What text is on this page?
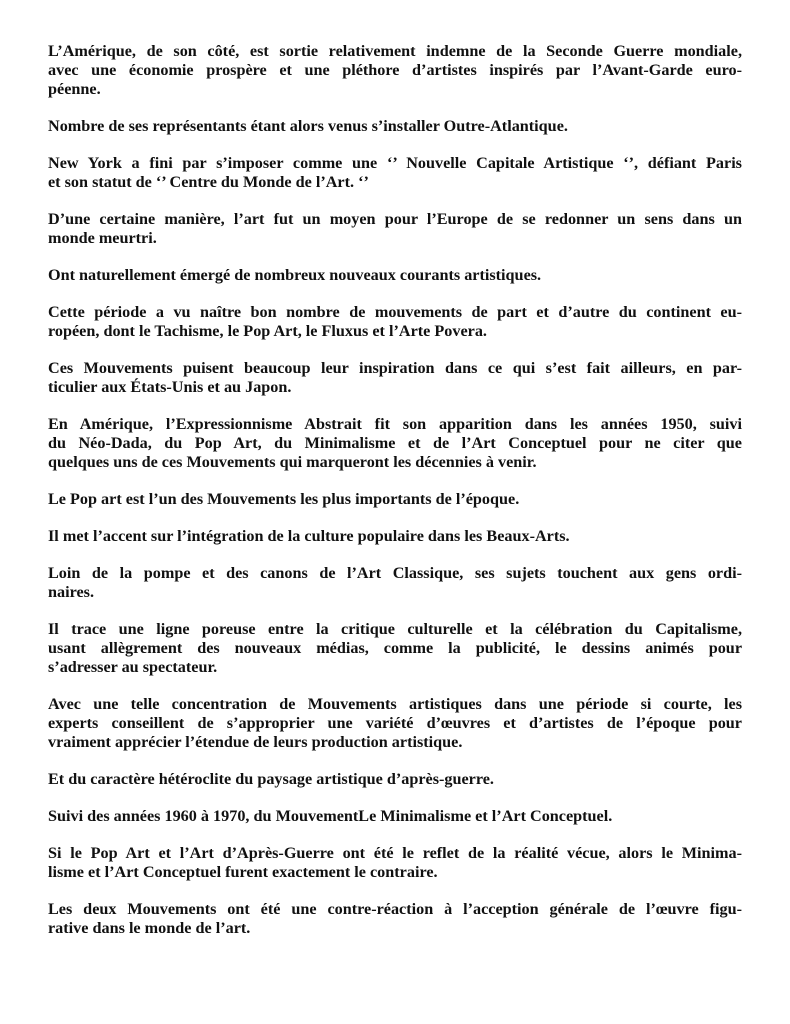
L’Amérique, de son côté, est sortie relativement indemne de la Seconde Guerre mondiale,
avec une économie prospère et une pléthore d’artistes inspirés par l’Avant-Garde euro-
péenne.
Nombre de ses représentants étant alors venus s’installer Outre-Atlantique.
New York a fini par s’imposer comme une ‘’ Nouvelle Capitale Artistique ‘’, défiant Paris
et son statut de ‘’ Centre du Monde de l’Art. ‘’
D’une certaine manière, l’art fut un moyen pour l’Europe de se redonner un sens dans un
monde meurtri.
Ont naturellement émergé de nombreux nouveaux courants artistiques.
Cette période a vu naître bon nombre de mouvements de part et d’autre du continent eu-
ropéen, dont le Tachisme, le Pop Art, le Fluxus et l’Arte Povera.
Ces Mouvements puisent beaucoup leur inspiration dans ce qui s’est fait ailleurs, en par-
ticulier aux États-Unis et au Japon.
En Amérique, l’Expressionnisme Abstrait fit son apparition dans les années 1950, suivi
du Néo-Dada, du Pop Art, du Minimalisme et de l’Art Conceptuel pour ne citer que
quelques uns de ces Mouvements qui marqueront les décennies à venir.
Le Pop art est l’un des Mouvements les plus importants de l’époque.
Il met l’accent sur l’intégration de la culture populaire dans les Beaux-Arts.
Loin de la pompe et des canons de l’Art Classique, ses sujets touchent aux gens ordi-
naires.
Il trace une ligne poreuse entre la critique culturelle et la célébration du Capitalisme,
usant allègrement des nouveaux médias, comme la publicité, le dessins animés pour
s’adresser au spectateur.
Avec une telle concentration de Mouvements artistiques dans une période si courte, les
experts conseillent de s’approprier une variété d’œuvres et d’artistes de l’époque pour
vraiment apprécier l’étendue de leurs production artistique.
Et du caractère hétéroclite du paysage artistique d’après-guerre.
Suivi des années 1960 à 1970, du MouvementLe Minimalisme et l’Art Conceptuel.
Si le Pop Art et l’Art d’Après-Guerre ont été le reflet de la réalité vécue, alors le Minima-
lisme et l’Art Conceptuel furent exactement le contraire.
Les deux Mouvements ont été une contre-réaction à l’acception générale de l’œuvre figu-
rative dans le monde de l’art.
